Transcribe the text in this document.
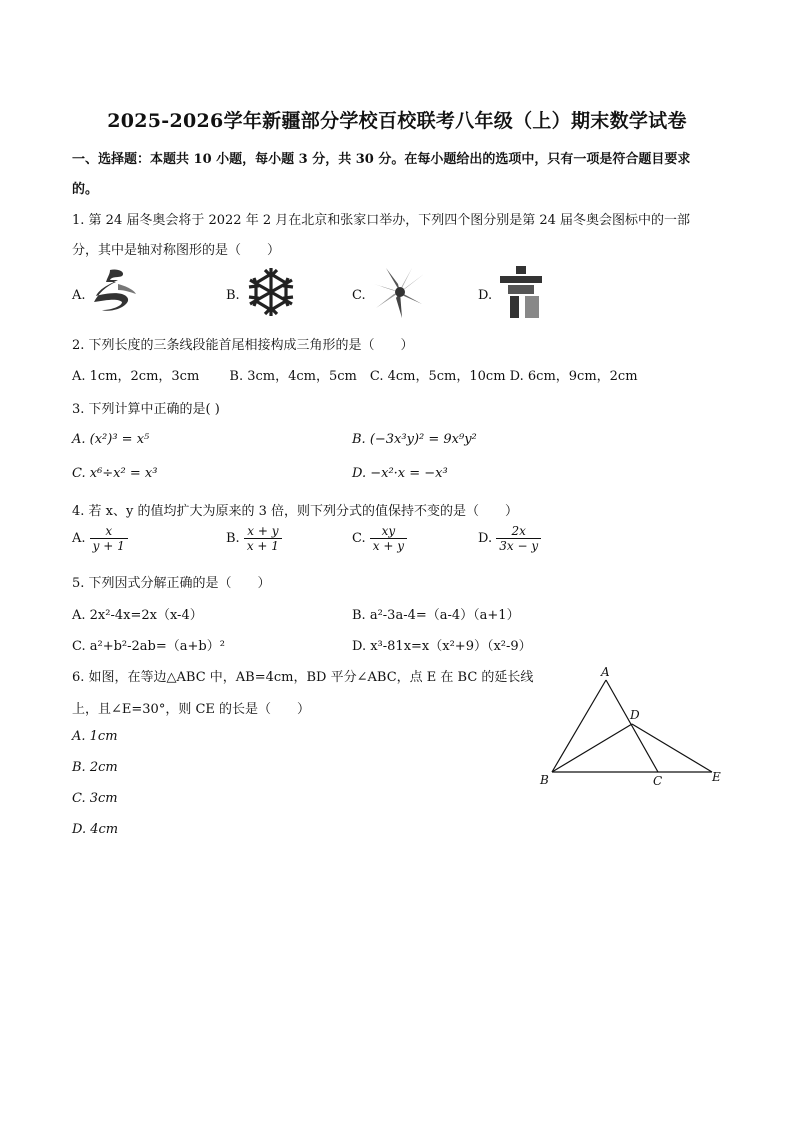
2025-2026学年新疆部分学校百校联考八年级（上）期末数学试卷
一、选择题：本题共 10 小题，每小题 3 分，共 30 分。在每小题给出的选项中，只有一项是符合题目要求
的。
1. 第 24 届冬奥会将于 2022 年 2 月在北京和张家口举办，下列四个图分别是第 24 届冬奥会图标中的一部
分，其中是轴对称图形的是（　　）
A.	B.	C.	D.
2. 下列长度的三条线段能首尾相接构成三角形的是（　　）
A. 1cm，2cm，3cm　　 B. 3cm，4cm，5cm　C. 4cm，5cm，10cm D. 6cm，9cm，2cm
3. 下列计算中正确的是( )
A. (x²)³ = x⁵	B. (−3x³y)² = 9x⁹y²
C. x⁶÷x² = x³	D. −x²·x = −x³
4. 若 x、y 的值均扩大为原来的 3 倍，则下列分式的值保持不变的是（　　）
A. $\frac{x}{y + 1}$	B. $\frac{x + y}{x + 1}$	C. $\frac{xy}{x + y}$	D. $\frac{2x}{3x - y}$
5. 下列因式分解正确的是（　　）
A. 2x²-4x=2x（x-4）	B. a²-3a-4=（a-4）（a+1）
C. a²+b²-2ab=（a+b）²	D. x³-81x=x（x²+9）（x²-9）
6. 如图，在等边△ABC 中，AB=4cm，BD 平分∠ABC，点 E 在 BC 的延长线
上，且∠E=30°，则 CE 的长是（　　）
A. 1cm
B. 2cm
C. 3cm
D. 4cm
A
B	C
D
E
